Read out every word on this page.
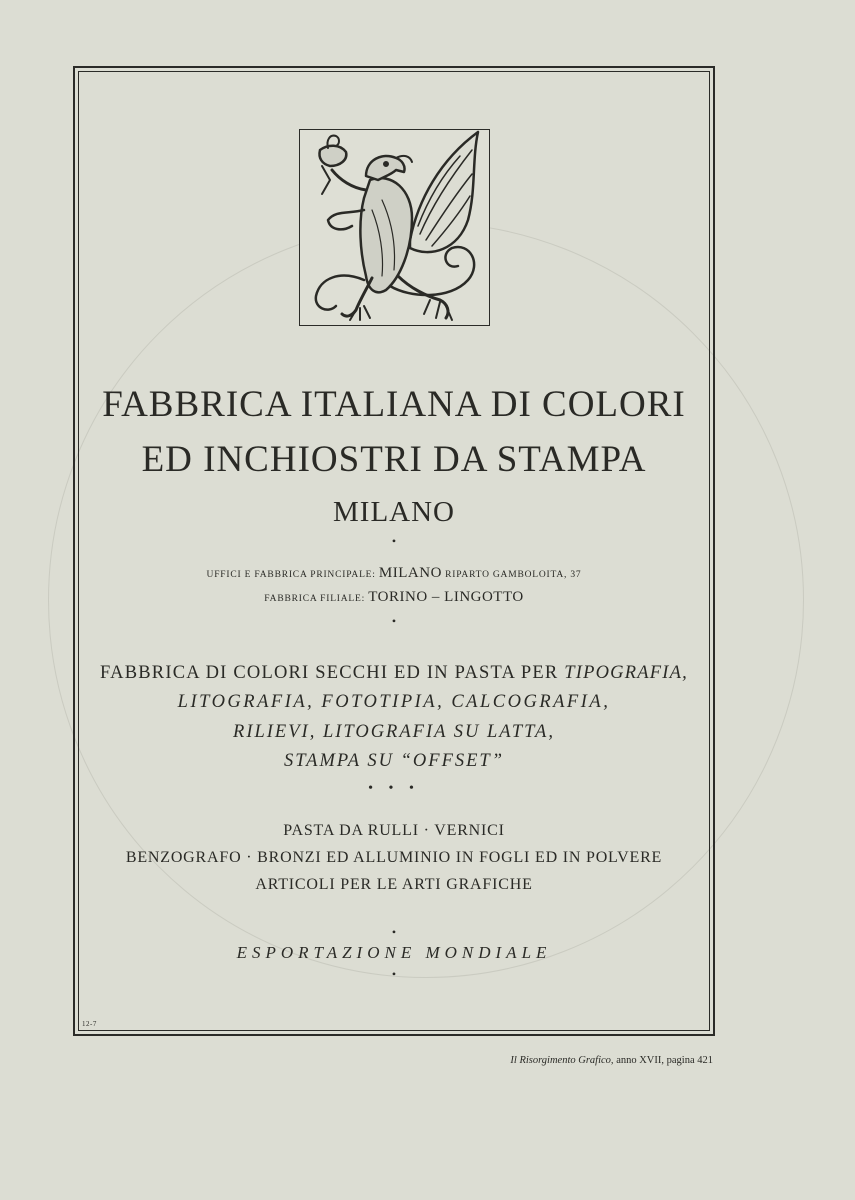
FABBRICA ITALIANA DI COLORI
ED INCHIOSTRI DA STAMPA
MILANO
•
UFFICI E FABBRICA PRINCIPALE: MILANO RIPARTO GAMBOLOITA, 37
FABBRICA FILIALE: TORINO – LINGOTTO
•
FABBRICA DI COLORI SECCHI ED IN PASTA PER TIPOGRAFIA,
LITOGRAFIA, FOTOTIPIA, CALCOGRAFIA,
RILIEVI, LITOGRAFIA SU LATTA,
STAMPA SU “OFFSET”
• • •
PASTA DA RULLI · VERNICI
BENZOGRAFO · BRONZI ED ALLUMINIO IN FOGLI ED IN POLVERE
ARTICOLI PER LE ARTI GRAFICHE
•
ESPORTAZIONE MONDIALE
•
12-7
Il Risorgimento Grafico, anno XVII, pagina 421
